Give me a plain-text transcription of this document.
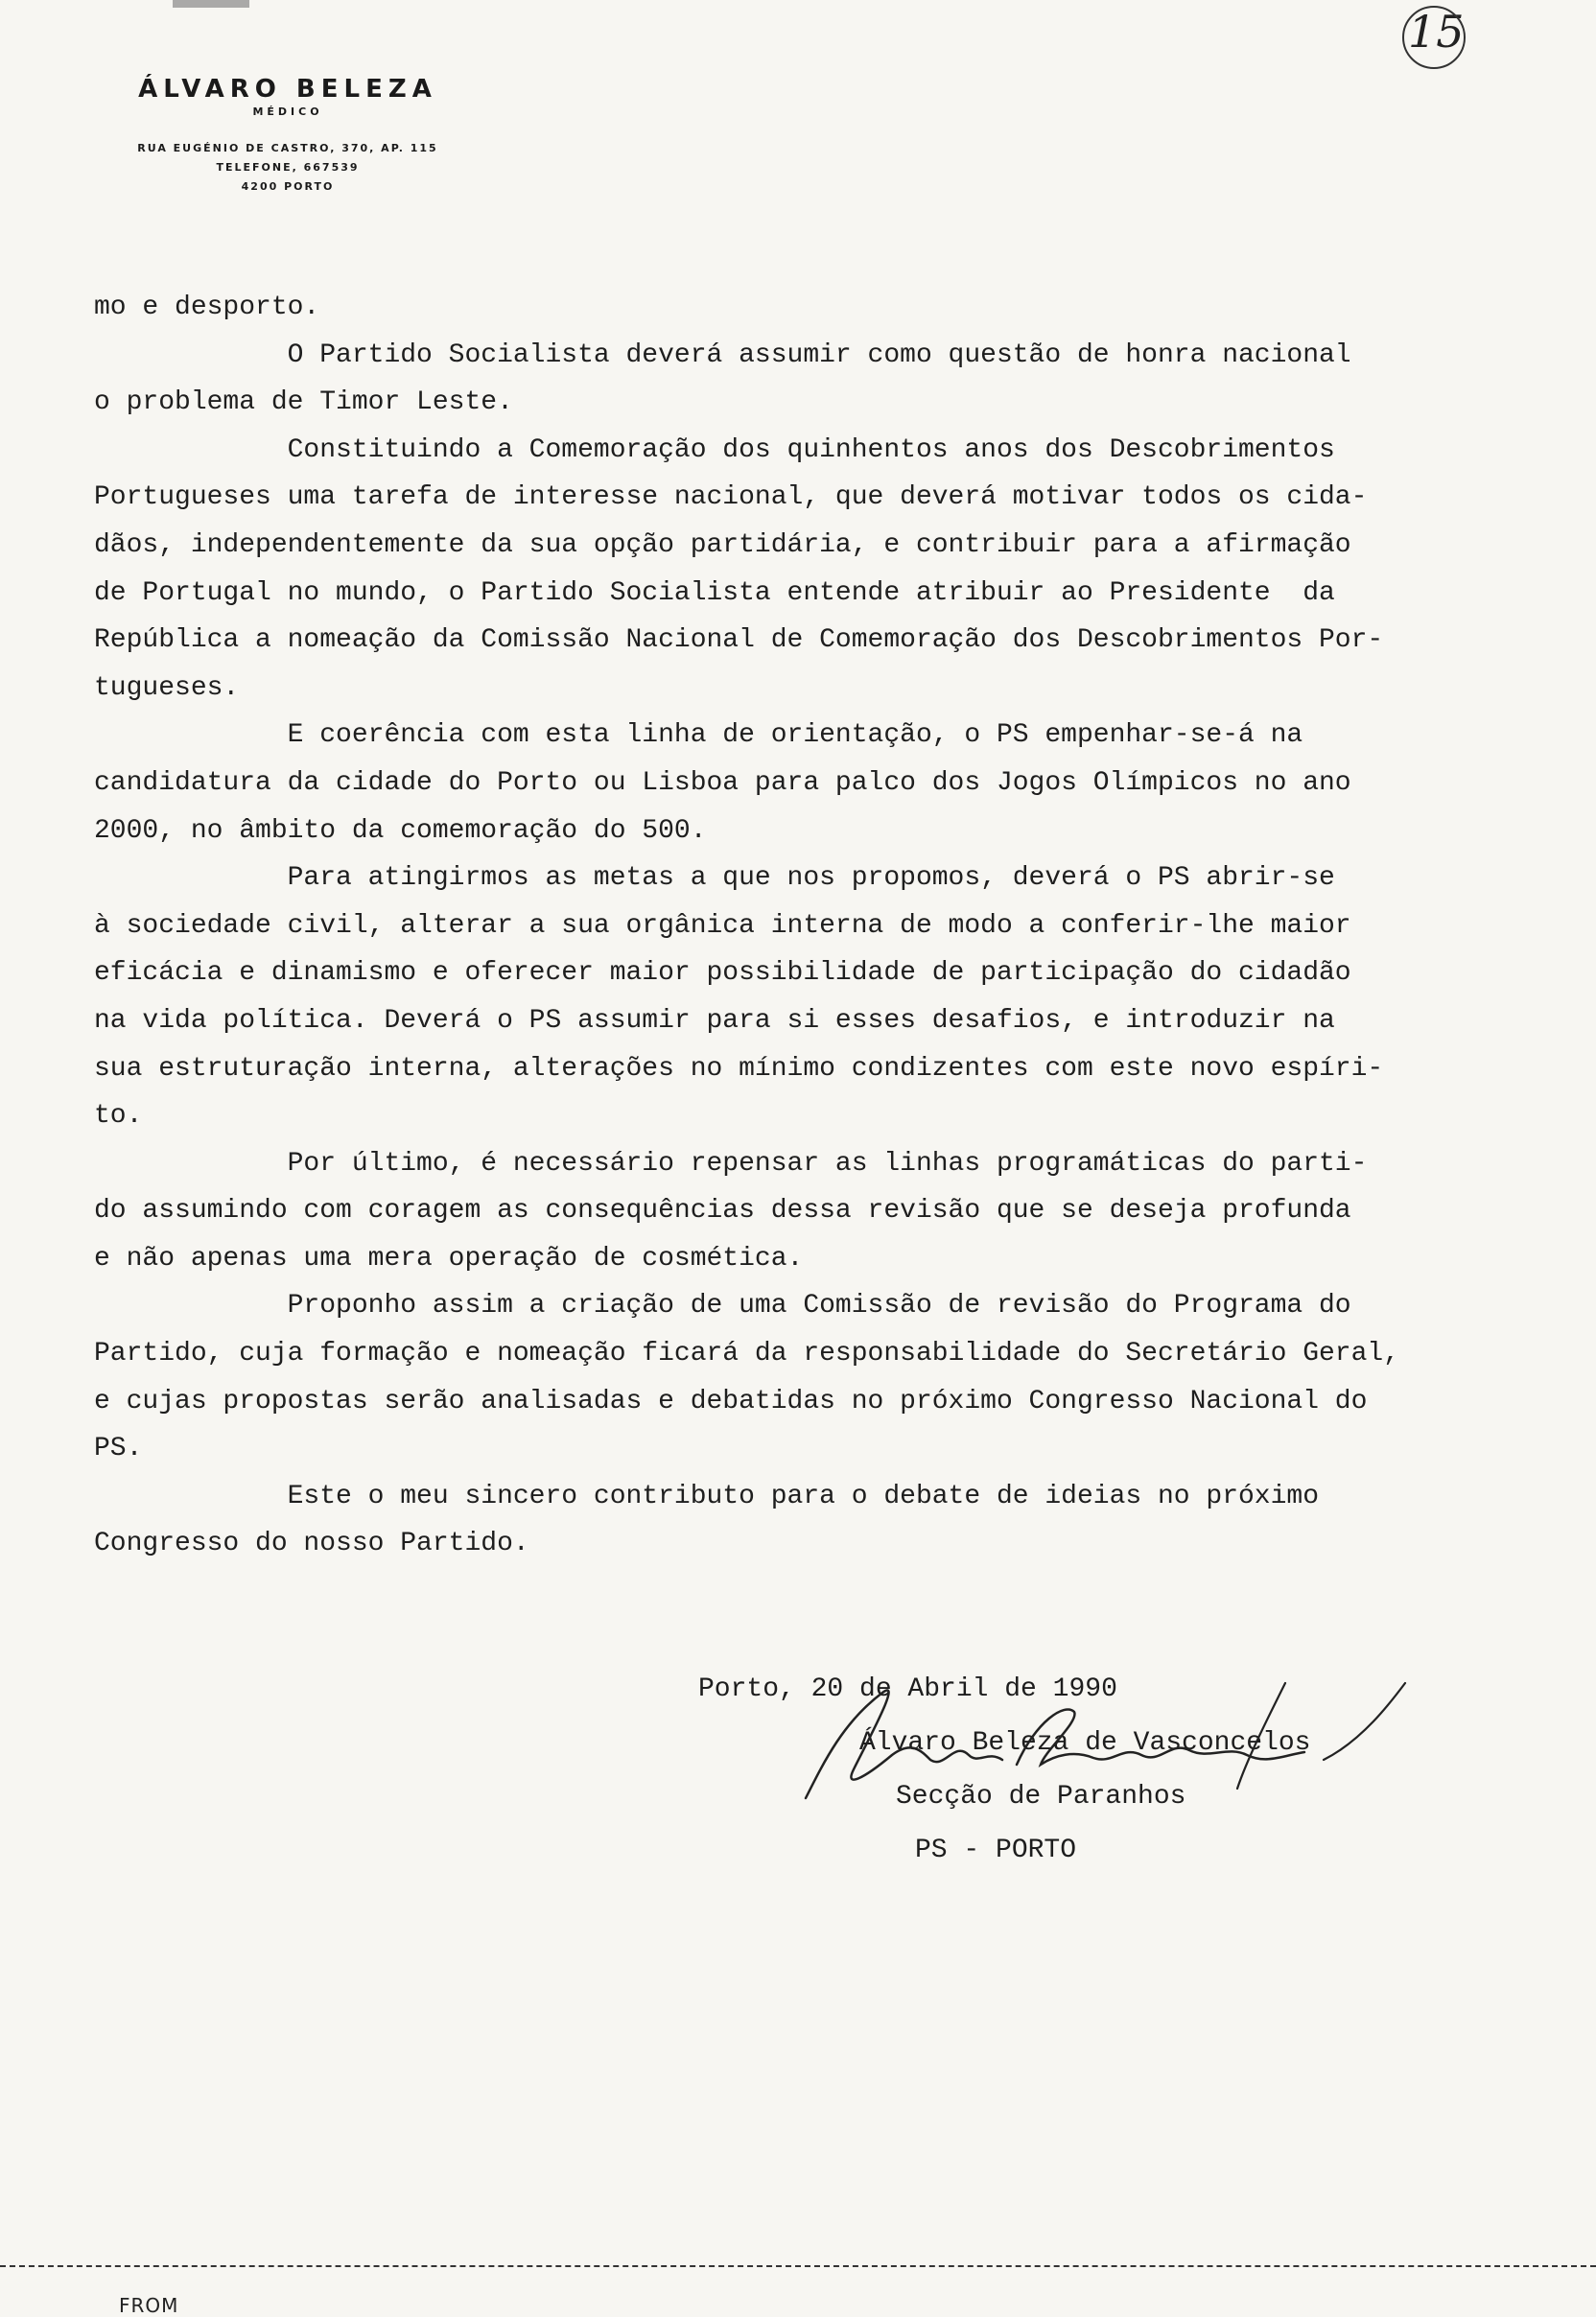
15
ÁLVARO BELEZA
MÉDICO
RUA EUGÉNIO DE CASTRO, 370, AP. 115
TELEFONE, 667539
4200 PORTO
mo e desporto.
O Partido Socialista deverá assumir como questão de honra nacional
o problema de Timor Leste.
Constituindo a Comemoração dos quinhentos anos dos Descobrimentos
Portugueses uma tarefa de interesse nacional, que deverá motivar todos os cida-
dãos, independentemente da sua opção partidária, e contribuir para a afirmação
de Portugal no mundo, o Partido Socialista entende atribuir ao Presidente  da
República a nomeação da Comissão Nacional de Comemoração dos Descobrimentos Por-
tugueses.
E coerência com esta linha de orientação, o PS empenhar-se-á na
candidatura da cidade do Porto ou Lisboa para palco dos Jogos Olímpicos no ano
2000, no âmbito da comemoração do 500.
Para atingirmos as metas a que nos propomos, deverá o PS abrir-se
à sociedade civil, alterar a sua orgânica interna de modo a conferir-lhe maior
eficácia e dinamismo e oferecer maior possibilidade de participação do cidadão
na vida política. Deverá o PS assumir para si esses desafios, e introduzir na
sua estruturação interna, alterações no mínimo condizentes com este novo espíri-
to.
Por último, é necessário repensar as linhas programáticas do parti-
do assumindo com coragem as consequências dessa revisão que se deseja profunda
e não apenas uma mera operação de cosmética.
Proponho assim a criação de uma Comissão de revisão do Programa do
Partido, cuja formação e nomeação ficará da responsabilidade do Secretário Geral,
e cujas propostas serão analisadas e debatidas no próximo Congresso Nacional do
PS.
Este o meu sincero contributo para o debate de ideias no próximo
Congresso do nosso Partido.

Porto, 20 de Abril de 1990

Álvaro Beleza de Vasconcelos

Secção de Paranhos

PS - PORTO

FROM
